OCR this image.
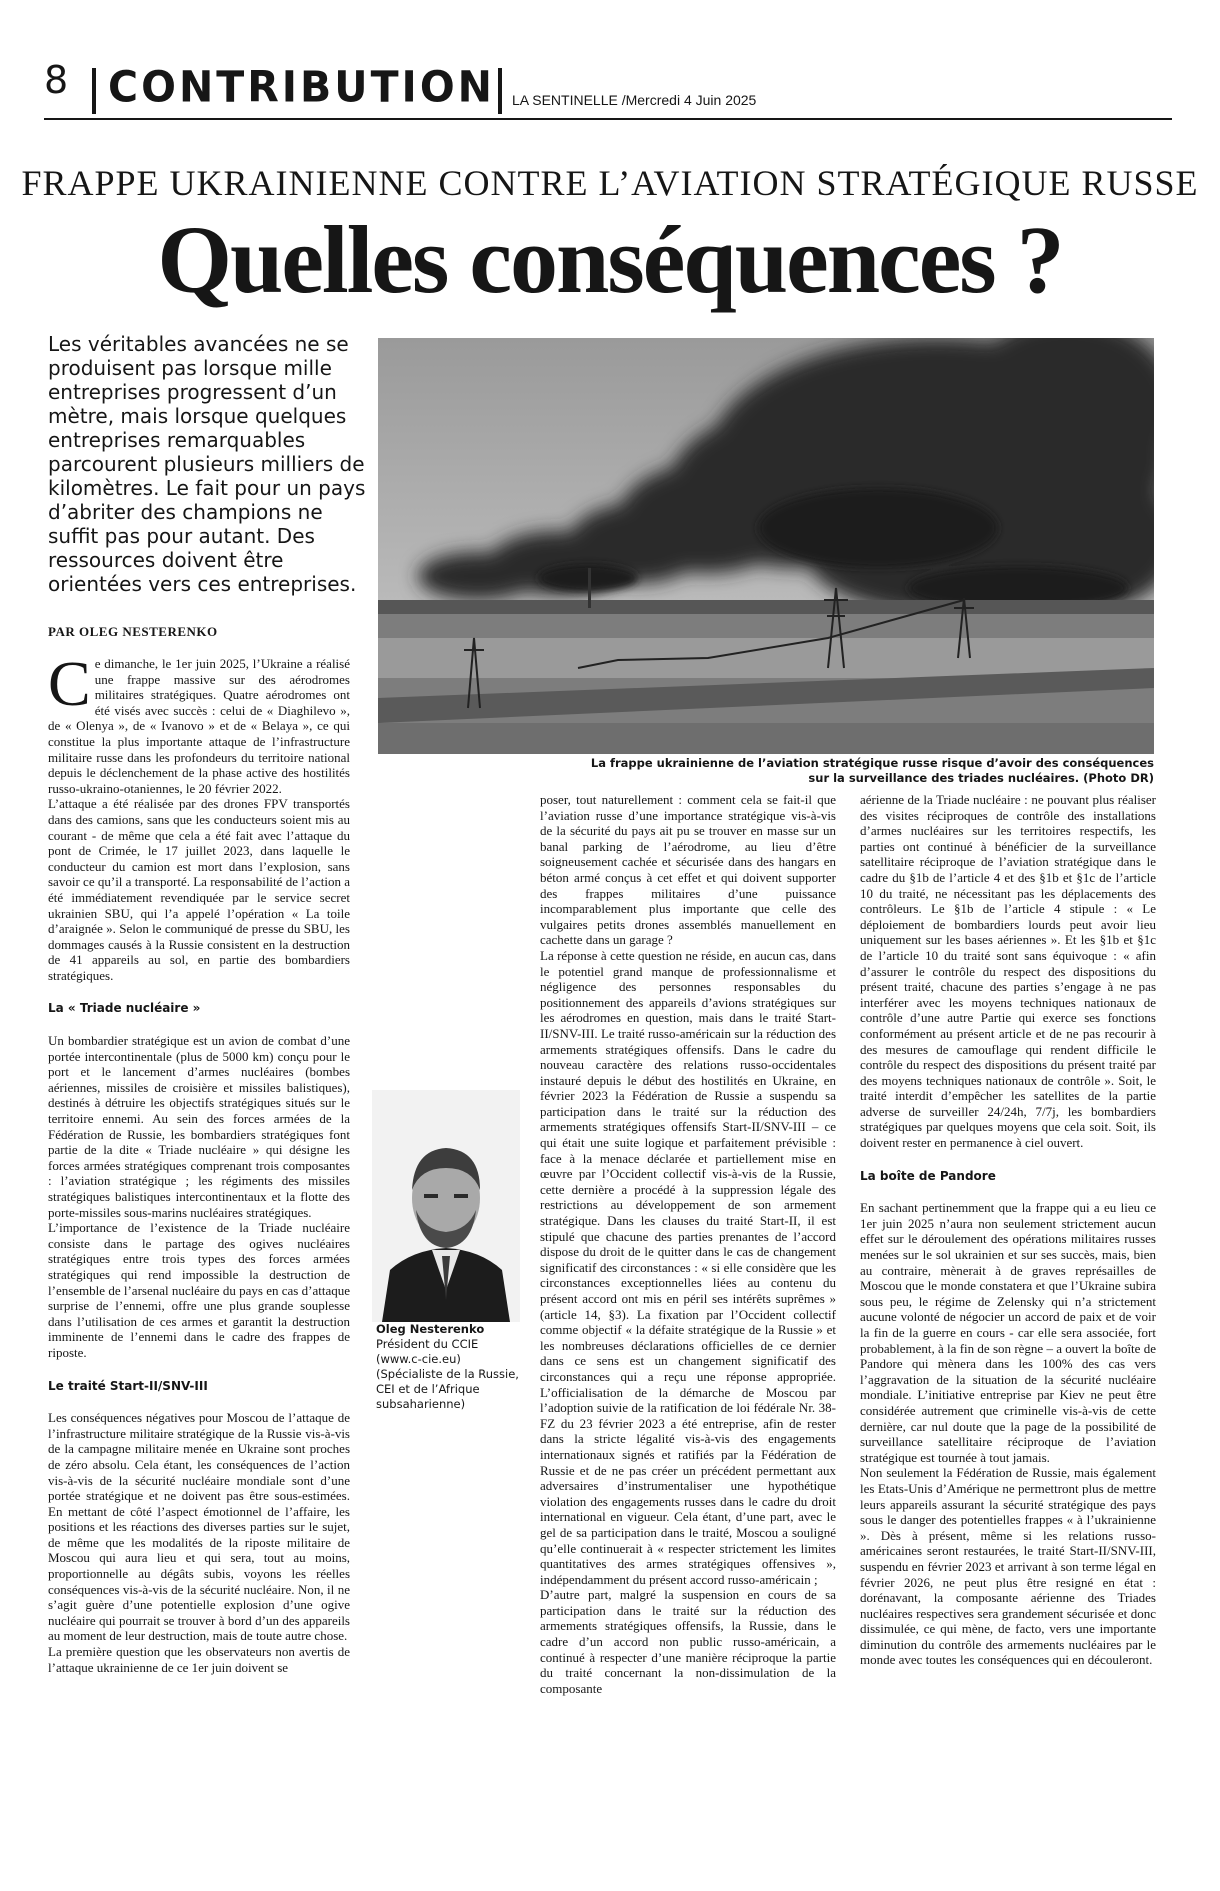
8 CONTRIBUTION LA SENTINELLE /Mercredi 4 Juin 2025
FRAPPE UKRAINIENNE CONTRE L’AVIATION STRATÉGIQUE RUSSE
Quelles conséquences ?
Les véritables avancées ne se produisent pas lorsque mille entreprises progressent d’un mètre, mais lorsque quelques entreprises remarquables parcourent plusieurs milliers de kilomètres. Le fait pour un pays d’abriter des champions ne suffit pas pour autant. Des ressources doivent être orientées vers ces entreprises.
La frappe ukrainienne de l’aviation stratégique russe risque d’avoir des conséquences
sur la surveillance des triades nucléaires. (Photo DR)
PAR OLEG NESTERENKO

Ce dimanche, le 1er juin 2025, l’Ukraine a réalisé une frappe massive sur des aérodromes militaires stratégiques. Quatre aérodromes ont été visés avec succès : celui de « Diaghilevo », de « Olenya », de « Ivanovo » et de « Belaya », ce qui constitue la plus importante attaque de l’infrastructure militaire russe dans les profondeurs du territoire national depuis le déclenchement de la phase active des hostilités russo-ukraino-otaniennes, le 20 février 2022.

L’attaque a été réalisée par des drones FPV transportés dans des camions, sans que les conducteurs soient mis au courant - de même que cela a été fait avec l’attaque du pont de Crimée, le 17 juillet 2023, dans laquelle le conducteur du camion est mort dans l’explosion, sans savoir ce qu’il a transporté. La responsabilité de l’action a été immédiatement revendiquée par le service secret ukrainien SBU, qui l’a appelé l’opération « La toile d’araignée ». Selon le communiqué de presse du SBU, les dommages causés à la Russie consistent en la destruction de 41 appareils au sol, en partie des bombardiers stratégiques.

La « Triade nucléaire »

Un bombardier stratégique est un avion de combat d’une portée intercontinentale (plus de 5000 km) conçu pour le port et le lancement d’armes nucléaires (bombes aériennes, missiles de croisière et missiles balistiques), destinés à détruire les objectifs stratégiques situés sur le territoire ennemi. Au sein des forces armées de la Fédération de Russie, les bombardiers stratégiques font partie de la dite « Triade nucléaire » qui désigne les forces armées stratégiques comprenant trois composantes : l’aviation stratégique ; les régiments des missiles stratégiques balistiques intercontinentaux et la flotte des porte-missiles sous-marins nucléaires stratégiques.

L’importance de l’existence de la Triade nucléaire consiste dans le partage des ogives nucléaires stratégiques entre trois types des forces armées stratégiques qui rend impossible la destruction de l’ensemble de l’arsenal nucléaire du pays en cas d’attaque surprise de l’ennemi, offre une plus grande souplesse dans l’utilisation de ces armes et garantit la destruction imminente de l’ennemi dans le cadre des frappes de riposte.

Le traité Start-II/SNV-III

Les conséquences négatives pour Moscou de l’attaque de l’infrastructure militaire stratégique de la Russie vis-à-vis de la campagne militaire menée en Ukraine sont proches de zéro absolu. Cela étant, les conséquences de l’action vis-à-vis de la sécurité nucléaire mondiale sont d’une portée stratégique et ne doivent pas être sous-estimées. En mettant de côté l’aspect émotionnel de l’affaire, les positions et les réactions des diverses parties sur le sujet, de même que les modalités de la riposte militaire de Moscou qui aura lieu et qui sera, tout au moins, proportionnelle au dégâts subis, voyons les réelles conséquences vis-à-vis de la sécurité nucléaire. Non, il ne s’agit guère d’une potentielle explosion d’une ogive nucléaire qui pourrait se trouver à bord d’un des appareils au moment de leur destruction, mais de toute autre chose.

La première question que les observateurs non avertis de l’attaque ukrainienne de ce 1er juin doivent se

Oleg Nesterenko
Président du CCIE
(www.c-cie.eu)
(Spécialiste de la Russie,
CEI et de l’Afrique
subsaharienne)

poser, tout naturellement : comment cela se fait-il que l’aviation russe d’une importance stratégique vis-à-vis de la sécurité du pays ait pu se trouver en masse sur un banal parking de l’aérodrome, au lieu d’être soigneusement cachée et sécurisée dans des hangars en béton armé conçus à cet effet et qui doivent supporter des frappes militaires d’une puissance incomparablement plus importante que celle des vulgaires petits drones assemblés manuellement en cachette dans un garage ?

La réponse à cette question ne réside, en aucun cas, dans le potentiel grand manque de professionnalisme et négligence des personnes responsables du positionnement des appareils d’avions stratégiques sur les aérodromes en question, mais dans le traité Start-II/SNV-III. Le traité russo-américain sur la réduction des armements stratégiques offensifs. Dans le cadre du nouveau caractère des relations russo-occidentales instauré depuis le début des hostilités en Ukraine, en février 2023 la Fédération de Russie a suspendu sa participation dans le traité sur la réduction des armements stratégiques offensifs Start-II/SNV-III – ce qui était une suite logique et parfaitement prévisible : face à la menace déclarée et partiellement mise en œuvre par l’Occident collectif vis-à-vis de la Russie, cette dernière a procédé à la suppression légale des restrictions au développement de son armement stratégique. Dans les clauses du traité Start-II, il est stipulé que chacune des parties prenantes de l’accord dispose du droit de le quitter dans le cas de changement significatif des circonstances : « si elle considère que les circonstances exceptionnelles liées au contenu du présent accord ont mis en péril ses intérêts suprêmes » (article 14, §3). La fixation par l’Occident collectif comme objectif « la défaite stratégique de la Russie » et les nombreuses déclarations officielles de ce dernier dans ce sens est un changement significatif des circonstances qui a reçu une réponse appropriée. L’officialisation de la démarche de Moscou par l’adoption suivie de la ratification de loi fédérale Nr. 38-FZ du 23 février 2023 a été entreprise, afin de rester dans la stricte légalité vis-à-vis des engagements internationaux signés et ratifiés par la Fédération de Russie et de ne pas créer un précédent permettant aux adversaires d’instrumentaliser une hypothétique violation des engagements russes dans le cadre du droit international en vigueur. Cela étant, d’une part, avec le gel de sa participation dans le traité, Moscou a souligné qu’elle continuerait à « respecter strictement les limites quantitatives des armes stratégiques offensives », indépendamment du présent accord russo-américain ;

D’autre part, malgré la suspension en cours de sa participation dans le traité sur la réduction des armements stratégiques offensifs, la Russie, dans le cadre d’un accord non public russo-américain, a continué à respecter d’une manière réciproque la partie du traité concernant la non-dissimulation de la composante

aérienne de la Triade nucléaire : ne pouvant plus réaliser des visites réciproques de contrôle des installations d’armes nucléaires sur les territoires respectifs, les parties ont continué à bénéficier de la surveillance satellitaire réciproque de l’aviation stratégique dans le cadre du §1b de l’article 4 et des §1b et §1c de l’article 10 du traité, ne nécessitant pas les déplacements des contrôleurs. Le §1b de l’article 4 stipule : « Le déploiement de bombardiers lourds peut avoir lieu uniquement sur les bases aériennes ». Et les §1b et §1c de l’article 10 du traité sont sans équivoque : « afin d’assurer le contrôle du respect des dispositions du présent traité, chacune des parties s’engage à ne pas interférer avec les moyens techniques nationaux de contrôle d’une autre Partie qui exerce ses fonctions conformément au présent article et de ne pas recourir à des mesures de camouflage qui rendent difficile le contrôle du respect des dispositions du présent traité par des moyens techniques nationaux de contrôle ». Soit, le traité interdit d’empêcher les satellites de la partie adverse de surveiller 24/24h, 7/7j, les bombardiers stratégiques par quelques moyens que cela soit. Soit, ils doivent rester en permanence à ciel ouvert.

La boîte de Pandore

En sachant pertinemment que la frappe qui a eu lieu ce 1er juin 2025 n’aura non seulement strictement aucun effet sur le déroulement des opérations militaires russes menées sur le sol ukrainien et sur ses succès, mais, bien au contraire, mènerait à de graves représailles de Moscou que le monde constatera et que l’Ukraine subira sous peu, le régime de Zelensky qui n’a strictement aucune volonté de négocier un accord de paix et de voir la fin de la guerre en cours - car elle sera associée, fort probablement, à la fin de son règne – a ouvert la boîte de Pandore qui mènera dans les 100% des cas vers l’aggravation de la situation de la sécurité nucléaire mondiale. L’initiative entreprise par Kiev ne peut être considérée autrement que criminelle vis-à-vis de cette dernière, car nul doute que la page de la possibilité de surveillance satellitaire réciproque de l’aviation stratégique est tournée à tout jamais.

Non seulement la Fédération de Russie, mais également les Etats-Unis d’Amérique ne permettront plus de mettre leurs appareils assurant la sécurité stratégique des pays sous le danger des potentielles frappes « à l’ukrainienne ». Dès à présent, même si les relations russo-américaines seront restaurées, le traité Start-II/SNV-III, suspendu en février 2023 et arrivant à son terme légal en février 2026, ne peut plus être resigné en état : dorénavant, la composante aérienne des Triades nucléaires respectives sera grandement sécurisée et donc dissimulée, ce qui mène, de facto, vers une importante diminution du contrôle des armements nucléaires par le monde avec toutes les conséquences qui en découleront.
